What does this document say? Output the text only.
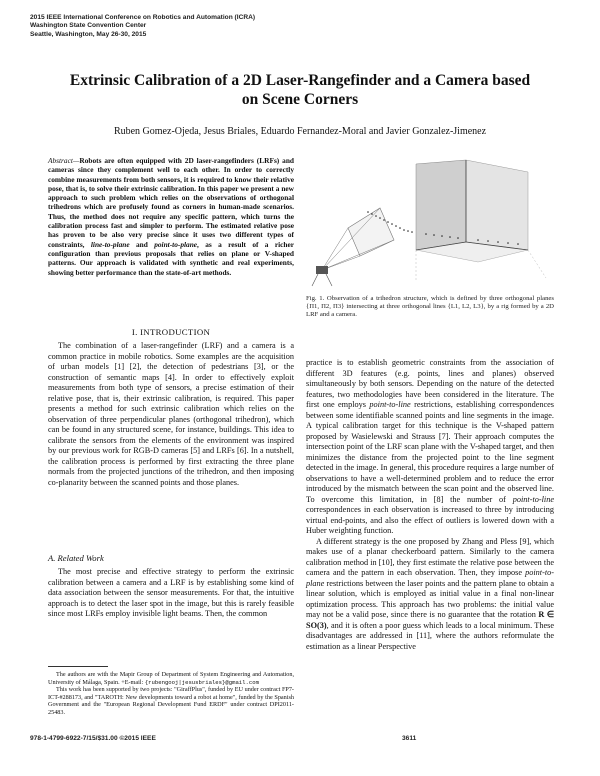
2015 IEEE International Conference on Robotics and Automation (ICRA)
Washington State Convention Center
Seattle, Washington, May 26-30, 2015
Extrinsic Calibration of a 2D Laser-Rangefinder and a Camera based
on Scene Corners
Ruben Gomez-Ojeda, Jesus Briales, Eduardo Fernandez-Moral and Javier Gonzalez-Jimenez
Abstract—Robots are often equipped with 2D laser-rangefinders (LRFs) and cameras since they complement well to each other. In order to correctly combine measurements from both sensors, it is required to know their relative pose, that is, to solve their extrinsic calibration. In this paper we present a new approach to such problem which relies on the observations of orthogonal trihedrons which are profusely found as corners in human-made scenarios. Thus, the method does not require any specific pattern, which turns the calibration process fast and simpler to perform. The estimated relative pose has proven to be also very precise since it uses two different types of constraints, line-to-plane and point-to-plane, as a result of a richer configuration than previous proposals that relies on plane or V-shaped patterns. Our approach is validated with synthetic and real experiments, showing better performance than the state-of-art methods.
I. INTRODUCTION

The combination of a laser-rangefinder (LRF) and a camera is a common practice in mobile robotics. Some examples are the acquisition of urban models [1] [2], the detection of pedestrians [3], or the construction of semantic maps [4]. In order to effectively exploit measurements from both type of sensors, a precise estimation of their relative pose, that is, their extrinsic calibration, is required. This paper presents a method for such extrinsic calibration which relies on the observation of three perpendicular planes (orthogonal trihedron), which can be found in any structured scene, for instance, buildings. This idea to calibrate the sensors from the elements of the environment was inspired by our previous work for RGB-D cameras [5] and LRFs [6]. In a nutshell, the calibration process is performed by first extracting the three plane normals from the projected junctions of the trihedron, and then imposing co-planarity between the scanned points and those planes.

A. Related Work

The most precise and effective strategy to perform the extrinsic calibration between a camera and a LRF is by establishing some kind of data association between the sensor measurements. For that, the intuitive approach is to detect the laser spot in the image, but this is rarely feasible since most LRFs employ invisible light beams. Then, the common

The authors are with the Mapir Group of Department of System Engineering and Automation, University of Málaga, Spain. +E-mail: {rubengooj|jesusbriales}@gmail.com

This work has been supported by two projects: "GiraffPlus", funded by EU under contract FP7-ICT-#288173, and "TAROTH: New developments toward a robot at home", funded by the Spanish Government and the "European Regional Development Fund ERDF" under contract DPI2011-25483.

Fig. 1. Observation of a trihedron structure, which is defined by three orthogonal planes {Π1, Π2, Π3} intersecting at three orthogonal lines {L1, L2, L3}, by a rig formed by a 2D LRF and a camera.

practice is to establish geometric constraints from the association of different 3D features (e.g. points, lines and planes) observed simultaneously by both sensors. Depending on the nature of the detected features, two methodologies have been considered in the literature. The first one employs point-to-line restrictions, establishing correspondences between some identifiable scanned points and line segments in the image. A typical calibration target for this technique is the V-shaped pattern proposed by Wasielewski and Strauss [7]. Their approach computes the intersection point of the LRF scan plane with the V-shaped target, and then minimizes the distance from the projected point to the line segment detected in the image. In general, this procedure requires a large number of observations to have a well-determined problem and to reduce the error introduced by the mismatch between the scan point and the observed line. To overcome this limitation, in [8] the number of point-to-line correspondences in each observation is increased to three by introducing virtual end-points, and also the effect of outliers is lowered down with a Huber weighting function.

A different strategy is the one proposed by Zhang and Pless [9], which makes use of a planar checkerboard pattern. Similarly to the camera calibration method in [10], they first estimate the relative pose between the camera and the pattern in each observation. Then, they impose point-to-plane restrictions between the laser points and the pattern plane to obtain a linear solution, which is employed as initial value in a final non-linear optimization process. This approach has two problems: the initial value may not be a valid pose, since there is no guarantee that the rotation R ∈ SO(3), and it is often a poor guess which leads to a local minimum. These disadvantages are addressed in [11], where the authors reformulate the estimation as a linear Perspective

978-1-4799-6922-7/15/$31.00 ©2015 IEEE	3611
